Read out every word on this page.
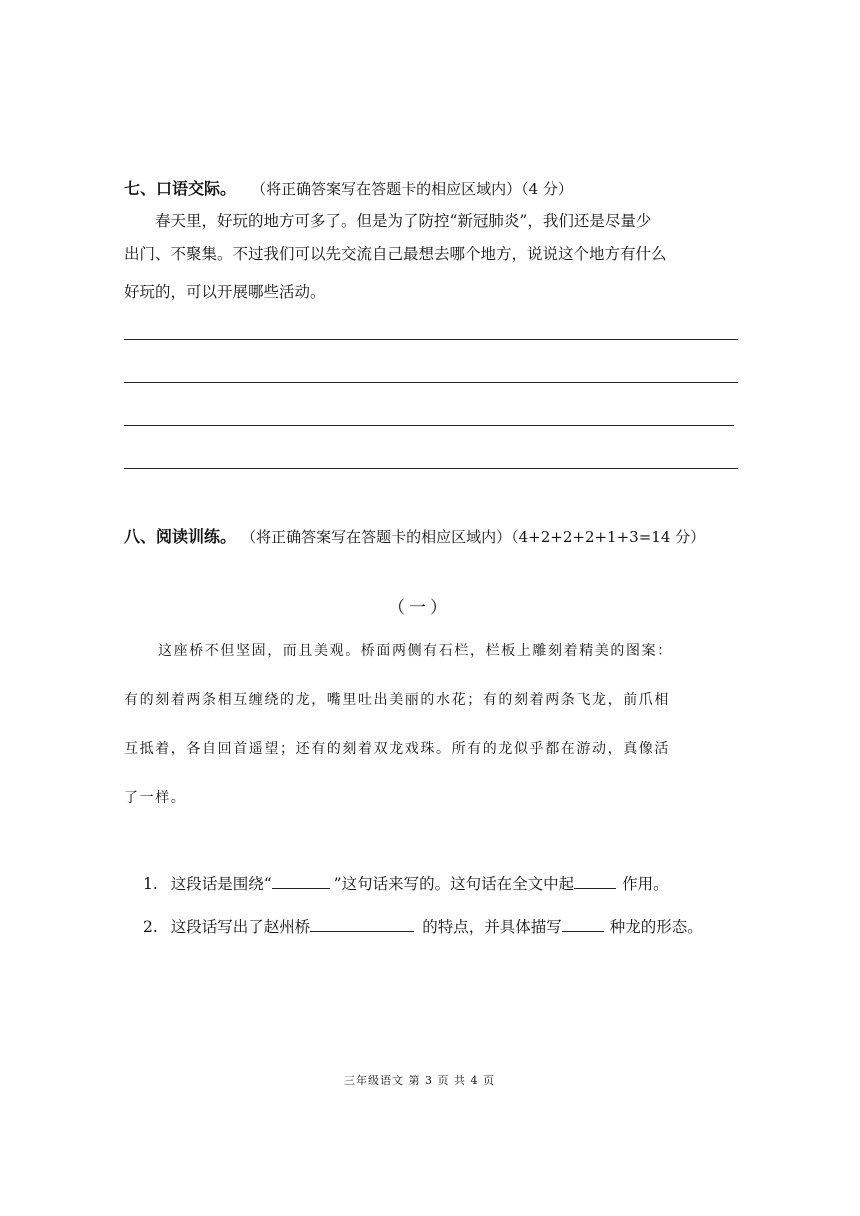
七、口语交际。 （将正确答案写在答题卡的相应区域内）（4 分）
春天里，好玩的地方可多了。但是为了防控“新冠肺炎”，我们还是尽量少
出门、不聚集。不过我们可以先交流自己最想去哪个地方，说说这个地方有什么
好玩的，可以开展哪些活动。
八、阅读训练。 （将正确答案写在答题卡的相应区域内）（4+2+2+2+1+3=14 分）
（一）
这座桥不但坚固，而且美观。桥面两侧有石栏，栏板上雕刻着精美的图案：
有的刻着两条相互缠绕的龙，嘴里吐出美丽的水花；有的刻着两条飞龙，前爪相
互抵着，各自回首遥望；还有的刻着双龙戏珠。所有的龙似乎都在游动，真像活
了一样。
1. 这段话是围绕“	”这句话来写的。这句话在全文中起	作用。
2. 这段话写出了赵州桥	的特点，并具体描写	种龙的形态。
三年级语文 第 3 页 共 4 页
